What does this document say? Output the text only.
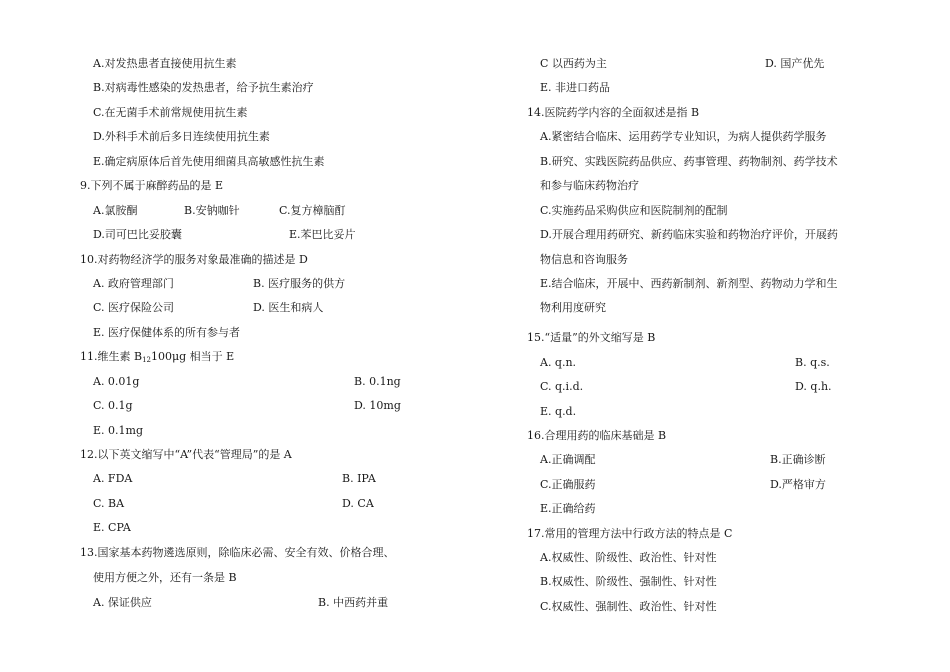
A.对发热患者直接使用抗生素
B.对病毒性感染的发热患者，给予抗生素治疗
C.在无菌手术前常规使用抗生素
D.外科手术前后多日连续使用抗生素
E.确定病原体后首先使用细菌具高敏感性抗生素
9.下列不属于麻醉药品的是 E
A.氯胺酮	B.安钠咖针	C.复方樟脑酊
D.司可巴比妥胶囊	E.苯巴比妥片
10.对药物经济学的服务对象最准确的描述是 D
A. 政府管理部门	B. 医疗服务的供方
C. 医疗保险公司	D. 医生和病人
E. 医疗保健体系的所有参与者
11.维生素 $B_{12}100\mu g$ 相当于 E
A. 0.01g	B. 0.1ng
C. 0.1g	D. 10mg
E. 0.1mg
12.以下英文缩写中“A”代表“管理局”的是 A
A. FDA	B. IPA
C. BA	D. CA
E. CPA
13.国家基本药物遴选原则，除临床必需、安全有效、价格合理、
使用方便之外，还有一条是 B
A. 保证供应	B. 中西药并重
C 以西药为主	D. 国产优先
E. 非进口药品
14.医院药学内容的全面叙述是指 B
A.紧密结合临床、运用药学专业知识，为病人提供药学服务
B.研究、实践医院药品供应、药事管理、药物制剂、药学技术
和参与临床药物治疗
C.实施药品采购供应和医院制剂的配制
D.开展合理用药研究、新药临床实验和药物治疗评价，开展药
物信息和咨询服务
E.结合临床，开展中、西药新制剂、新剂型、药物动力学和生
物利用度研究
15.“适量”的外文缩写是 B
A. q.n.	B. q.s.
C. q.i.d.	D. q.h.
E. q.d.
16.合理用药的临床基础是 B
A.正确调配	B.正确诊断
C.正确服药	D.严格审方
E.正确给药
17.常用的管理方法中行政方法的特点是 C
A.权威性、阶级性、政治性、针对性
B.权威性、阶级性、强制性、针对性
C.权威性、强制性、政治性、针对性
